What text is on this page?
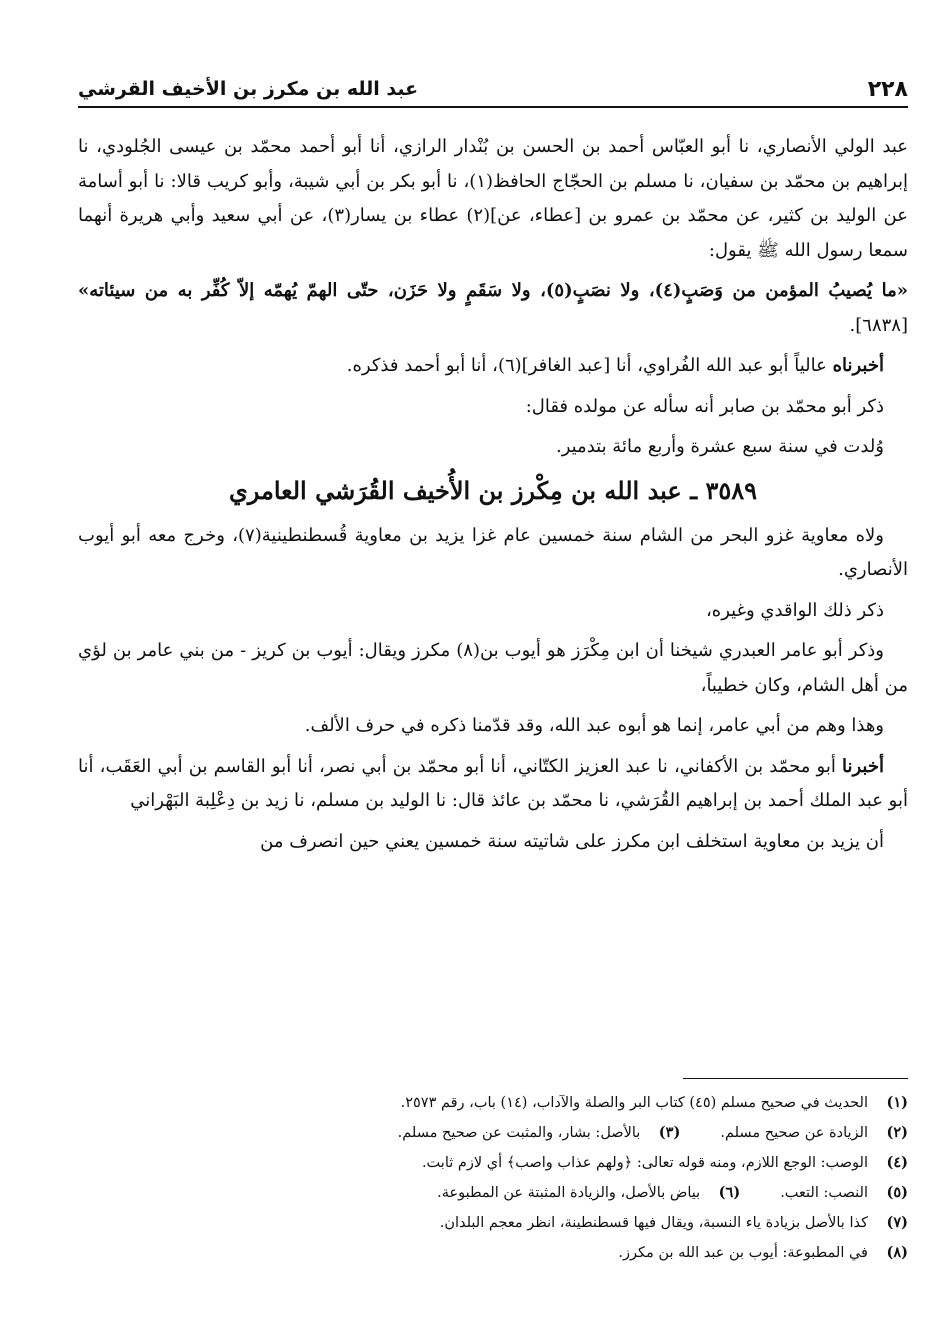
٢٢٨
عبد الله بن مكرز بن الأخيف القرشي

عبد الولي الأنصاري، نا أبو العبّاس أحمد بن الحسن بن بُنْدار الرازي، أنا أبو أحمد محمّد بن عيسى الجُلودي، نا إبراهيم بن محمّد بن سفيان، نا مسلم بن الحجّاج الحافظ(١)، نا أبو بكر بن أبي شيبة، وأبو كريب قالا: نا أبو أسامة عن الوليد بن كثير، عن محمّد بن عمرو بن [عطاء، عن](٢) عطاء بن يسار(٣)، عن أبي سعيد وأبي هريرة أنهما سمعا رسول الله ﷺ يقول:

«ما يُصيبُ المؤمن من وَصَبٍ(٤)، ولا نصَبٍ(٥)، ولا سَقَمٍ ولا حَزَن، حتّى الهمّ يُهمّه إلاّ كُفِّر به من سيئاته» [٦٨٣٨].

أخبرناه عالياً أبو عبد الله الفُراوي، أنا [عبد الغافر](٦)، أنا أبو أحمد فذكره.

ذكر أبو محمّد بن صابر أنه سأله عن مولده فقال:

وُلدت في سنة سبع عشرة وأربع مائة بتدمير.

٣٥٨٩ ـ عبد الله بن مِكْرز بن الأُخيف القُرَشي العامري

ولاه معاوية غزو البحر من الشام سنة خمسين عام غزا يزيد بن معاوية قُسطنطينية(٧)، وخرج معه أبو أيوب الأنصاري.

ذكر ذلك الواقدي وغيره،

وذكر أبو عامر العبدري شيخنا أن ابن مِكْرَز هو أيوب بن(٨) مكرز ويقال: أيوب بن كريز - من بني عامر بن لؤي من أهل الشام، وكان خطيباً،

وهذا وهم من أبي عامر، إنما هو أبوه عبد الله، وقد قدّمنا ذكره في حرف الألف.

أخبرنا أبو محمّد بن الأكفاني، نا عبد العزيز الكتّاني، أنا أبو محمّد بن أبي نصر، أنا أبو القاسم بن أبي العَقَب، أنا أبو عبد الملك أحمد بن إبراهيم القُرَشي، نا محمّد بن عائذ قال: نا الوليد بن مسلم، نا زيد بن دِعْلِبة البَهْراني

أن يزيد بن معاوية استخلف ابن مكرز على شاتيته سنة خمسين يعني حين انصرف من

(١)
الحديث في صحيح مسلم (٤٥) كتاب البر والصلة والآداب، (١٤) باب، رقم ٢٥٧٣.
(٢)
الزيادة عن صحيح مسلم.
(٣)
بالأصل: بشار، والمثبت عن صحيح مسلم.
(٤)
الوصب: الوجع اللازم، ومنه قوله تعالى: ﴿ولهم عذاب واصب﴾ أي لازم ثابت.
(٥)
النصب: التعب.
(٦)
بياض بالأصل، والزيادة المثبتة عن المطبوعة.
(٧)
كذا بالأصل بزيادة ياء النسبة، ويقال فيها قسطنطينة، انظر معجم البلدان.
(٨)
في المطبوعة: أيوب بن عبد الله بن مكرز.
